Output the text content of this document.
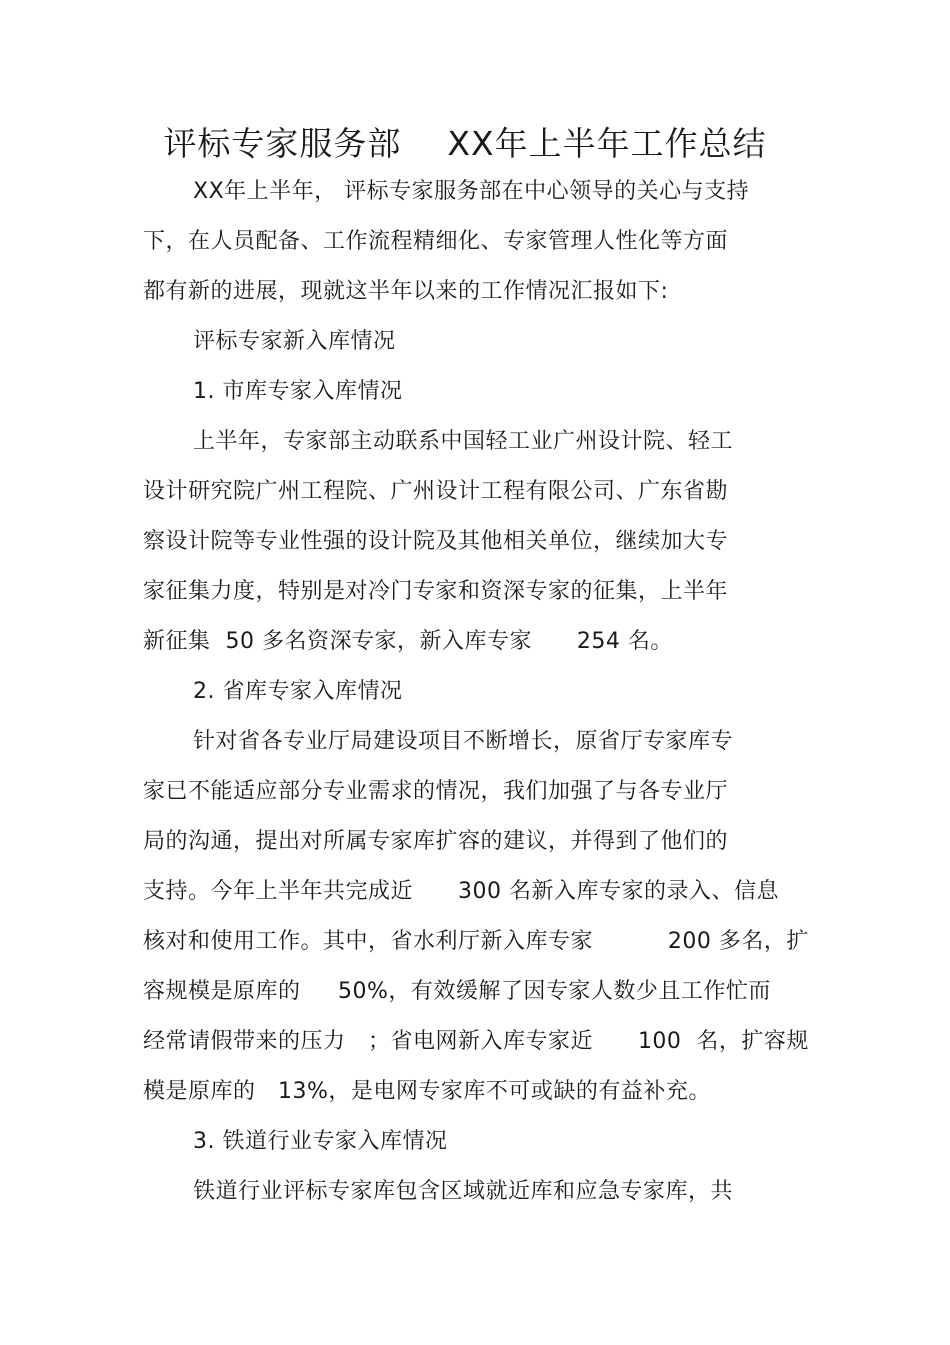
评标专家服务部    XX年上半年工作总结
XX年上半年， 评标专家服务部在中心领导的关心与支持
下，在人员配备、工作流程精细化、专家管理人性化等方面
都有新的进展，现就这半年以来的工作情况汇报如下:
评标专家新入库情况
1. 市库专家入库情况
上半年，专家部主动联系中国轻工业广州设计院、轻工
设计研究院广州工程院、广州设计工程有限公司、广东省勘
察设计院等专业性强的设计院及其他相关单位，继续加大专
家征集力度，特别是对冷门专家和资深专家的征集，上半年
新征集  50 多名资深专家，新入库专家      254 名。
2. 省库专家入库情况
针对省各专业厅局建设项目不断增长，原省厅专家库专
家已不能适应部分专业需求的情况，我们加强了与各专业厅
局的沟通，提出对所属专家库扩容的建议，并得到了他们的
支持。今年上半年共完成近      300 名新入库专家的录入、信息
核对和使用工作。其中，省水利厅新入库专家          200 多名，扩
容规模是原库的     50%，有效缓解了因专家人数少且工作忙而
经常请假带来的压力   ；省电网新入库专家近      100  名，扩容规
模是原库的   13%，是电网专家库不可或缺的有益补充。
3. 铁道行业专家入库情况
铁道行业评标专家库包含区域就近库和应急专家库，共
